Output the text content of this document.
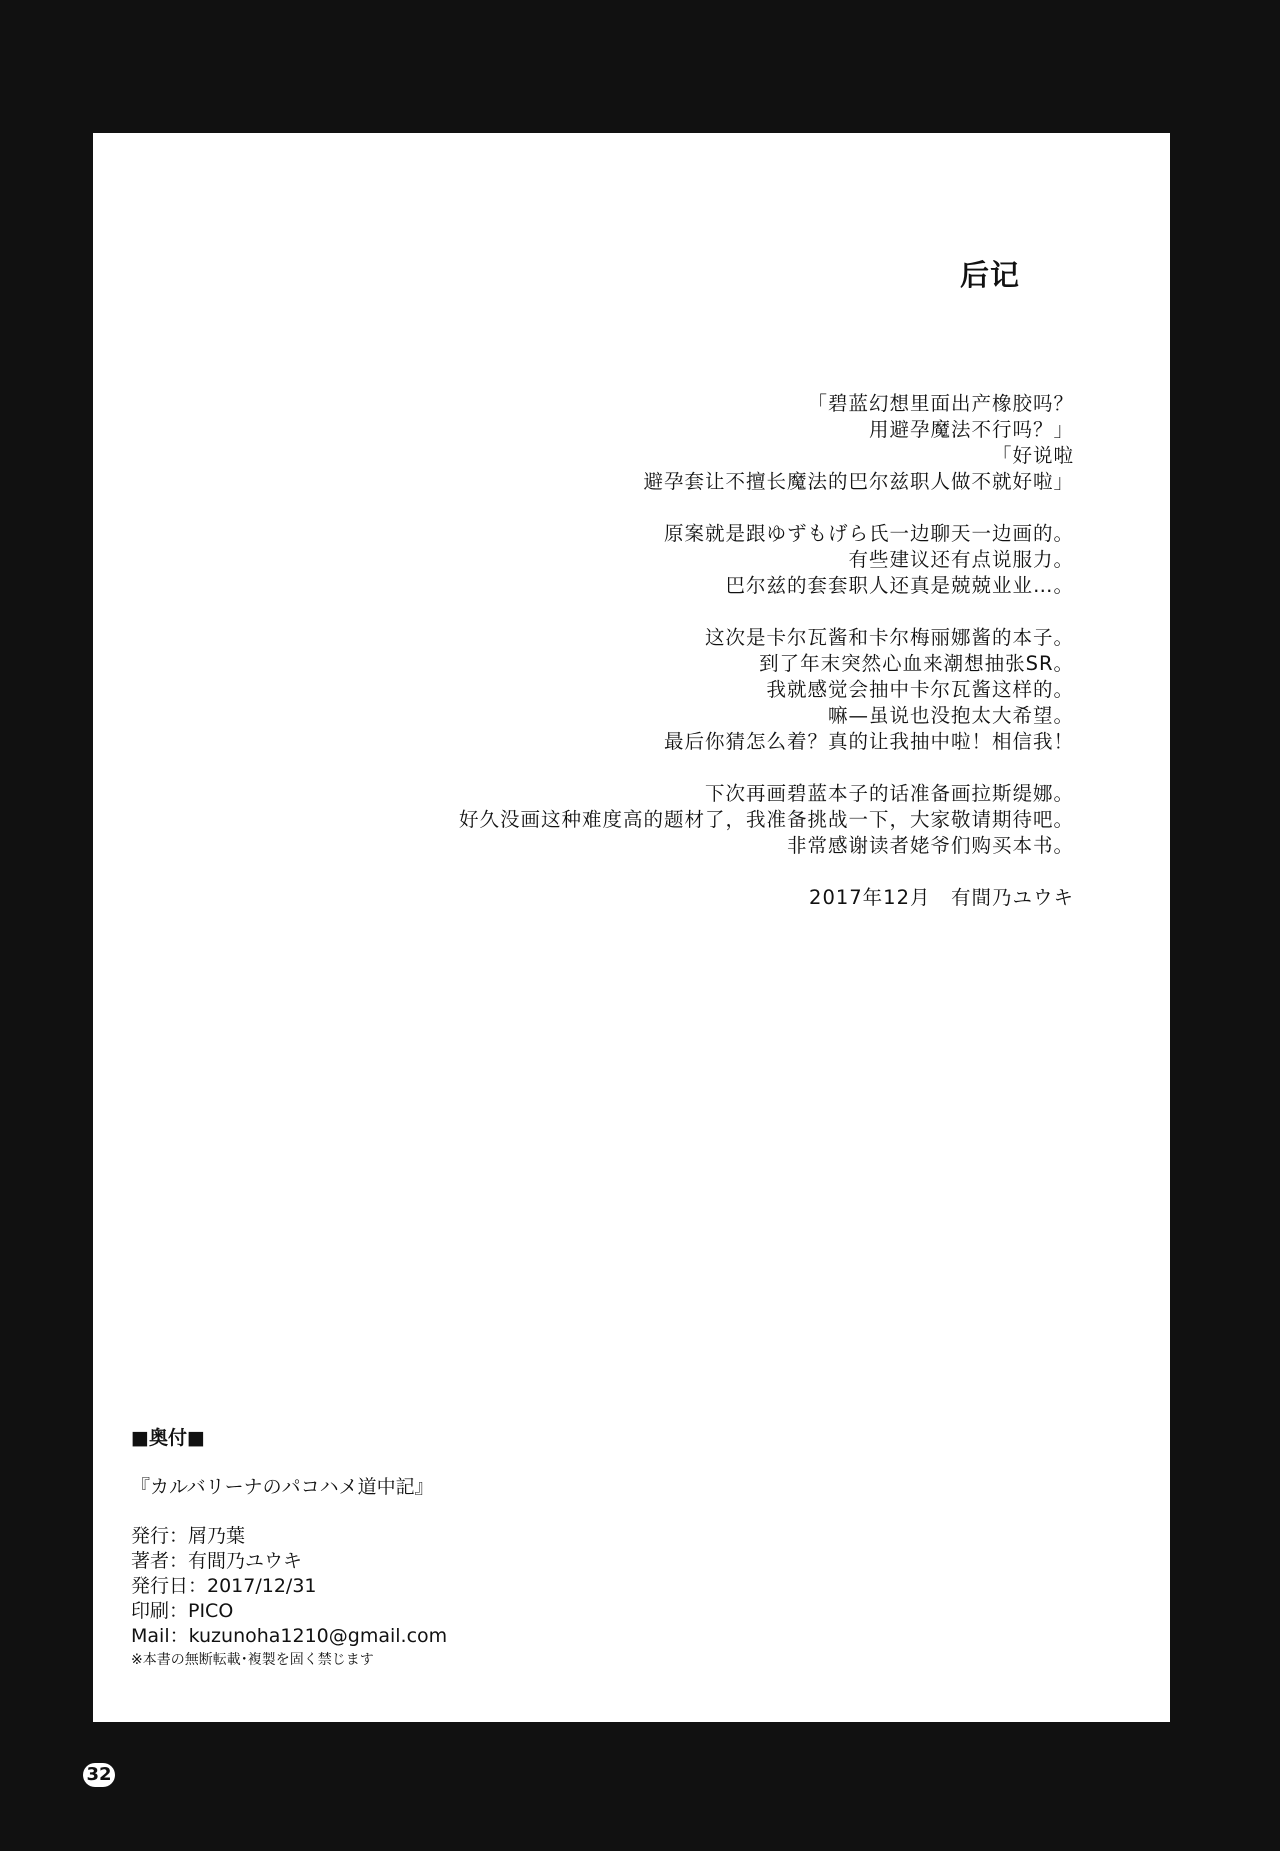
后记

「碧蓝幻想里面出产橡胶吗？
用避孕魔法不行吗？」
「好说啦
避孕套让不擅长魔法的巴尔兹职人做不就好啦」

原案就是跟ゆずもげら氏一边聊天一边画的。
有些建议还有点说服力。
巴尔兹的套套职人还真是兢兢业业…。

这次是卡尔瓦酱和卡尔梅丽娜酱的本子。
到了年末突然心血来潮想抽张SR。
我就感觉会抽中卡尔瓦酱这样的。
嘛—虽说也没抱太大希望。
最后你猜怎么着？真的让我抽中啦！相信我！

下次再画碧蓝本子的话准备画拉斯缇娜。
好久没画这种难度高的题材了，我准备挑战一下，大家敬请期待吧。
非常感谢读者姥爷们购买本书。

2017年12月　有間乃ユウキ

■奥付■
『カルバリーナのパコハメ道中記』
発行：屑乃葉
著者：有間乃ユウキ
発行日：2017/12/31
印刷：PICO
Mail：kuzunoha1210@gmail.com
※本書の無断転載･複製を固く禁じます
32
